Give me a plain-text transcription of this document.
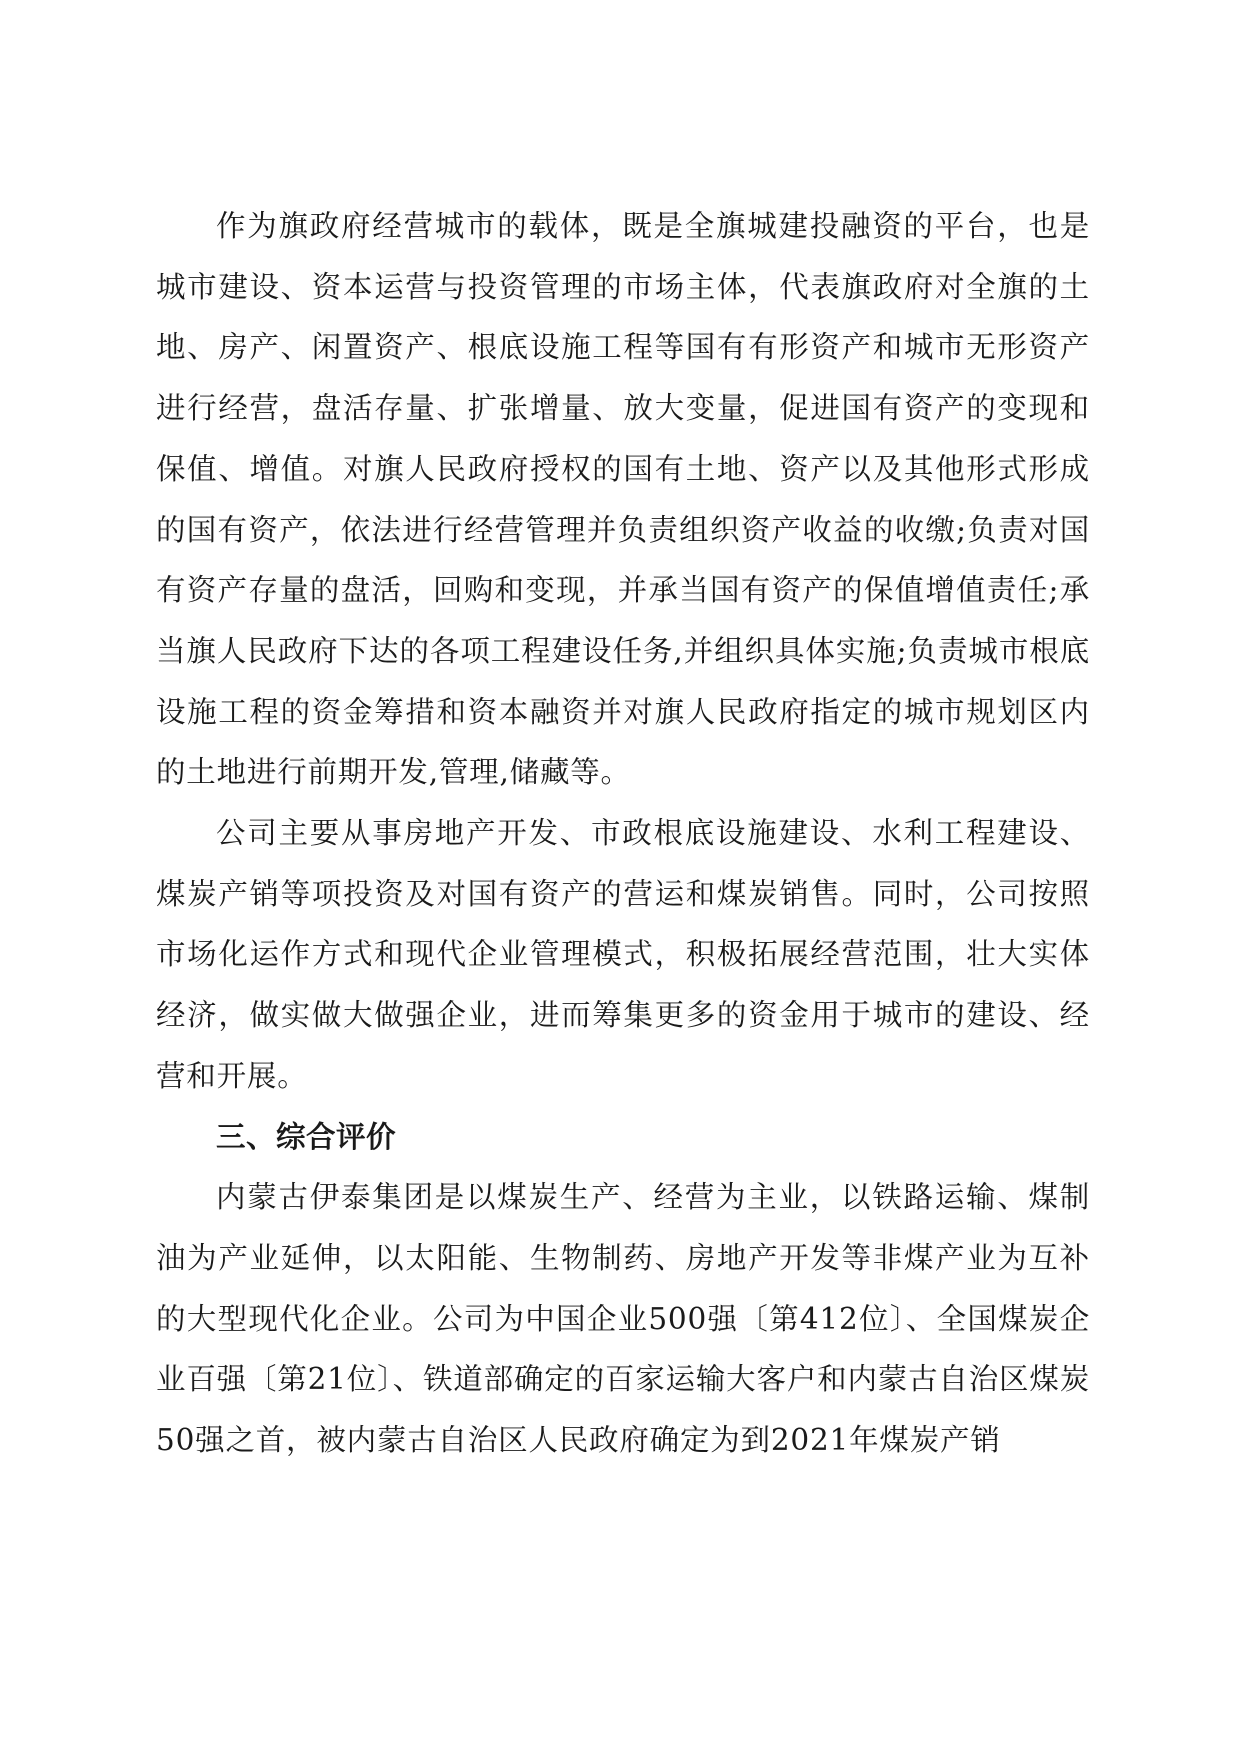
作为旗政府经营城市的载体，既是全旗城建投融资的平台，也是城市建设、资本运营与投资管理的市场主体，代表旗政府对全旗的土地、房产、闲置资产、根底设施工程等国有有形资产和城市无形资产进行经营，盘活存量、扩张增量、放大变量，促进国有资产的变现和保值、增值。对旗人民政府授权的国有土地、资产以及其他形式形成的国有资产，依法进行经营管理并负责组织资产收益的收缴;负责对国有资产存量的盘活，回购和变现，并承当国有资产的保值增值责任;承当旗人民政府下达的各项工程建设任务,并组织具体实施;负责城市根底设施工程的资金筹措和资本融资并对旗人民政府指定的城市规划区内的土地进行前期开发,管理,储藏等。

公司主要从事房地产开发、市政根底设施建设、水利工程建设、煤炭产销等项投资及对国有资产的营运和煤炭销售。同时，公司按照市场化运作方式和现代企业管理模式，积极拓展经营范围，壮大实体经济，做实做大做强企业，进而筹集更多的资金用于城市的建设、经营和开展。

三、综合评价

内蒙古伊泰集团是以煤炭生产、经营为主业，以铁路运输、煤制油为产业延伸，以太阳能、生物制药、房地产开发等非煤产业为互补的大型现代化企业。公司为中国企业500强〔第412位〕、全国煤炭企业百强〔第21位〕、铁道部确定的百家运输大客户和内蒙古自治区煤炭50强之首，被内蒙古自治区人民政府确定为到2021年煤炭产销
